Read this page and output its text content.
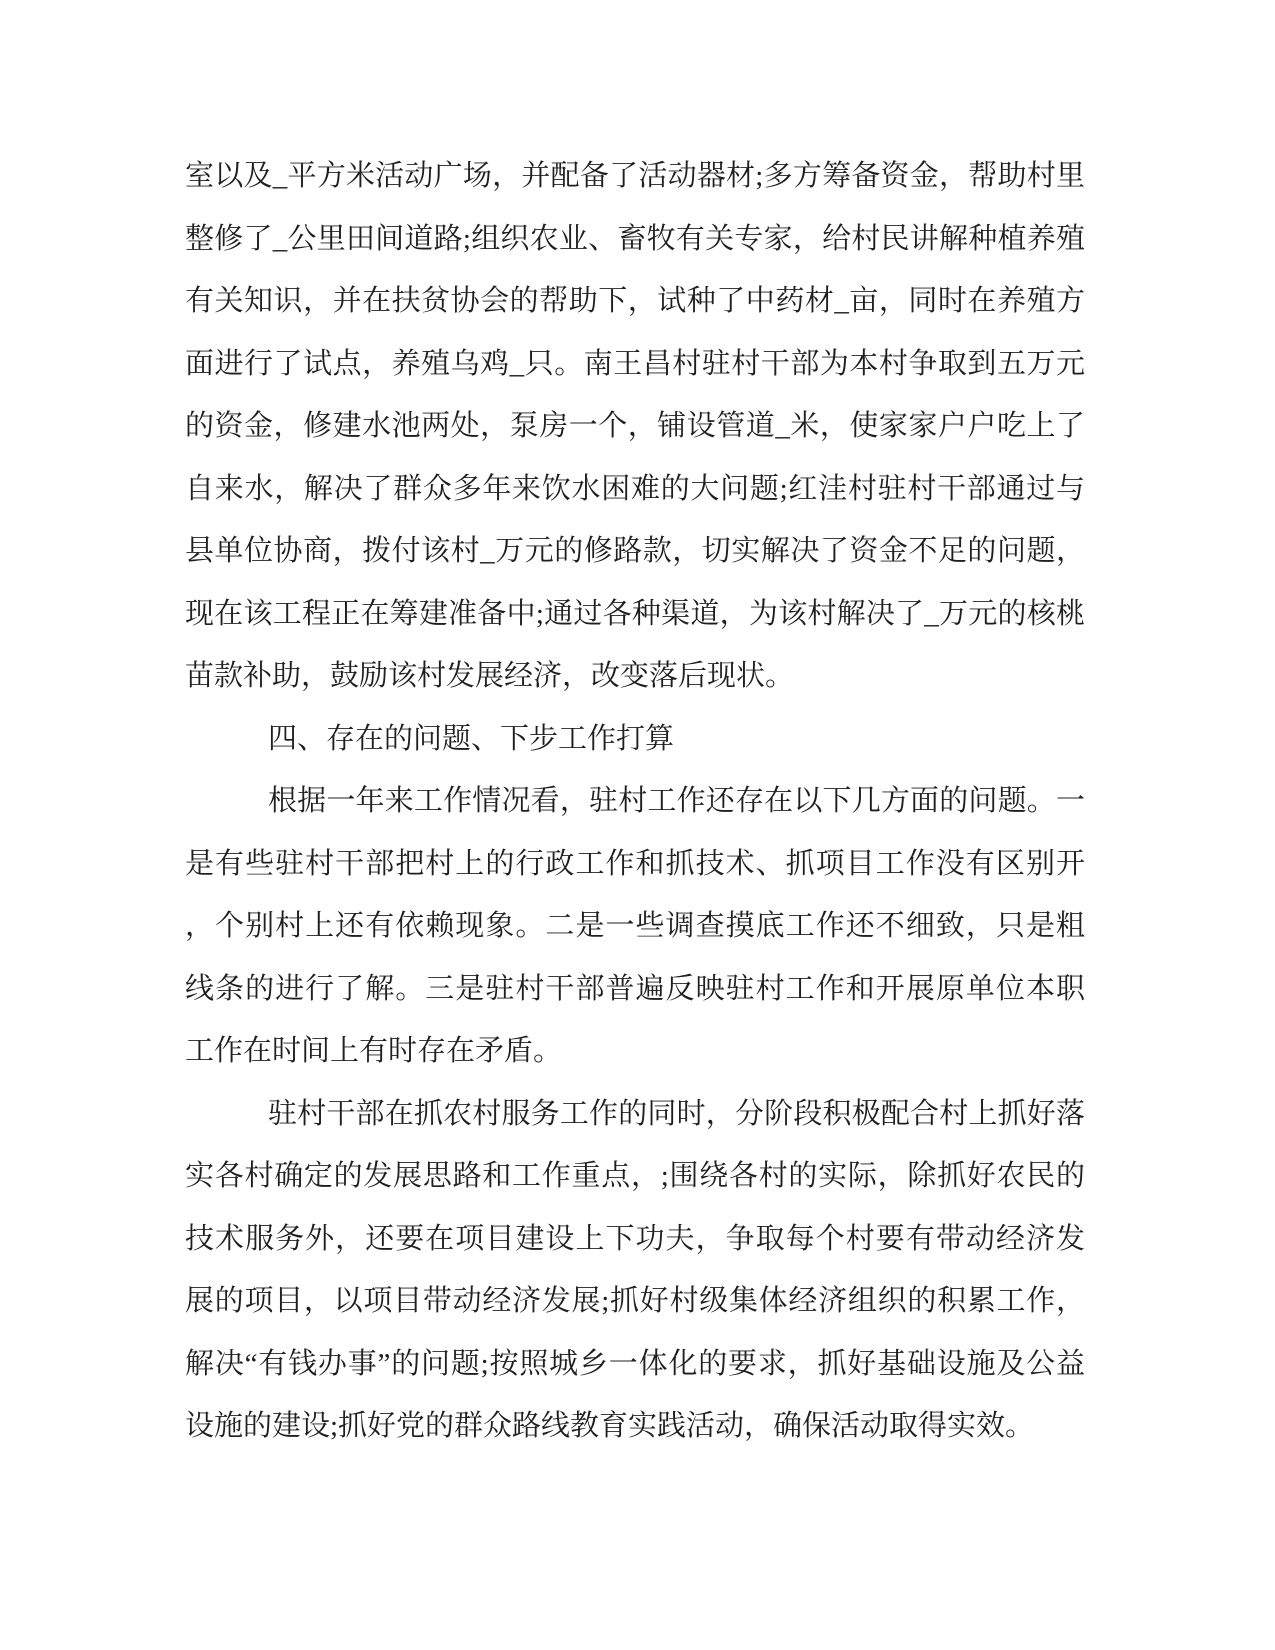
室以及_平方米活动广场，并配备了活动器材;多方筹备资金，帮助村里
整修了_公里田间道路;组织农业、畜牧有关专家，给村民讲解种植养殖
有关知识，并在扶贫协会的帮助下，试种了中药材_亩，同时在养殖方
面进行了试点，养殖乌鸡_只。南王昌村驻村干部为本村争取到五万元
的资金，修建水池两处，泵房一个，铺设管道_米，使家家户户吃上了
自来水，解决了群众多年来饮水困难的大问题;红洼村驻村干部通过与
县单位协商，拨付该村_万元的修路款，切实解决了资金不足的问题，
现在该工程正在筹建准备中;通过各种渠道，为该村解决了_万元的核桃
苗款补助，鼓励该村发展经济，改变落后现状。
四、存在的问题、下步工作打算
根据一年来工作情况看，驻村工作还存在以下几方面的问题。一
是有些驻村干部把村上的行政工作和抓技术、抓项目工作没有区别开
，个别村上还有依赖现象。二是一些调查摸底工作还不细致，只是粗
线条的进行了解。三是驻村干部普遍反映驻村工作和开展原单位本职
工作在时间上有时存在矛盾。
驻村干部在抓农村服务工作的同时，分阶段积极配合村上抓好落
实各村确定的发展思路和工作重点，;围绕各村的实际，除抓好农民的
技术服务外，还要在项目建设上下功夫，争取每个村要有带动经济发
展的项目，以项目带动经济发展;抓好村级集体经济组织的积累工作，
解决“有钱办事”的问题;按照城乡一体化的要求，抓好基础设施及公益
设施的建设;抓好党的群众路线教育实践活动，确保活动取得实效。
